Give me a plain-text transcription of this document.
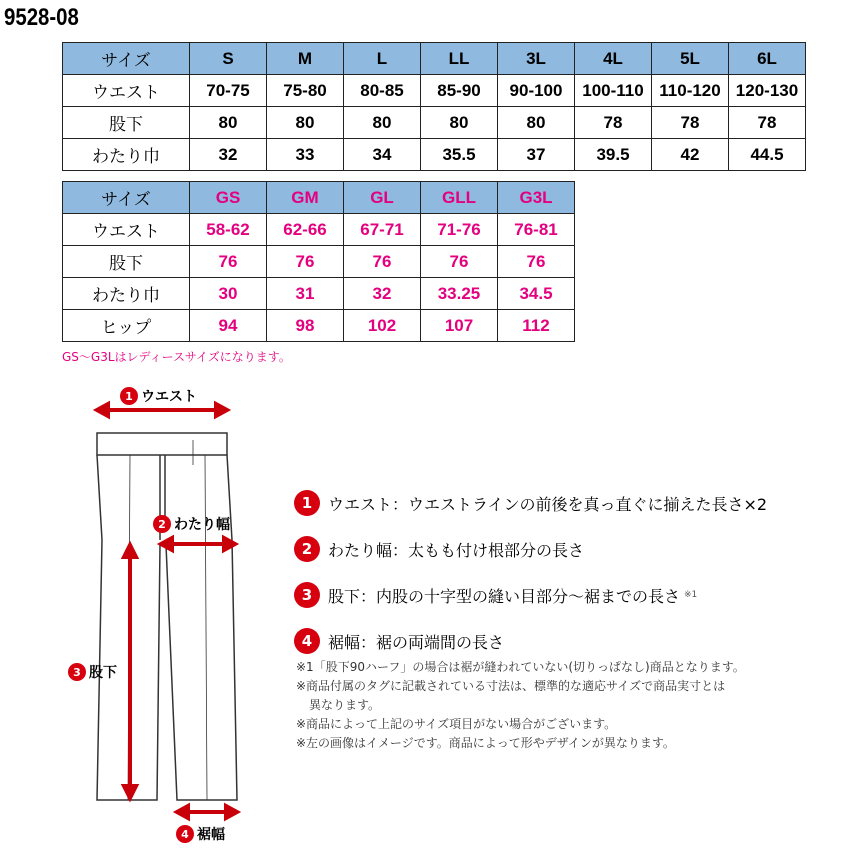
9528-08
サイズ	S	M	L	LL	3L	4L	5L	6L
ウエスト	70-75	75-80	80-85	85-90	90-100	100-110	110-120	120-130
股下	80	80	80	80	80	78	78	78
わたり巾	32	33	34	35.5	37	39.5	42	44.5
サイズ	GS	GM	GL	GLL	G3L
ウエスト	58-62	62-66	67-71	71-76	76-81
股下	76	76	76	76	76
わたり巾	30	31	32	33.25	34.5
ヒップ	94	98	102	107	112
GS〜G3Lはレディースサイズになります。
1 ウエスト
2 わたり幅
3 股下
4 裾幅
1 ウエスト：ウエストラインの前後を真っ直ぐに揃えた長さ×2
2 わたり幅：太もも付け根部分の長さ
3 股下：内股の十字型の縫い目部分〜裾までの長さ ※1
4 裾幅：裾の両端間の長さ
※1「股下90ハーフ」の場合は裾が縫われていない(切りっぱなし)商品となります。
※商品付属のタグに記載されている寸法は、標準的な適応サイズで商品実寸とは
異なります。
※商品によって上記のサイズ項目がない場合がございます。
※左の画像はイメージです。商品によって形やデザインが異なります。
